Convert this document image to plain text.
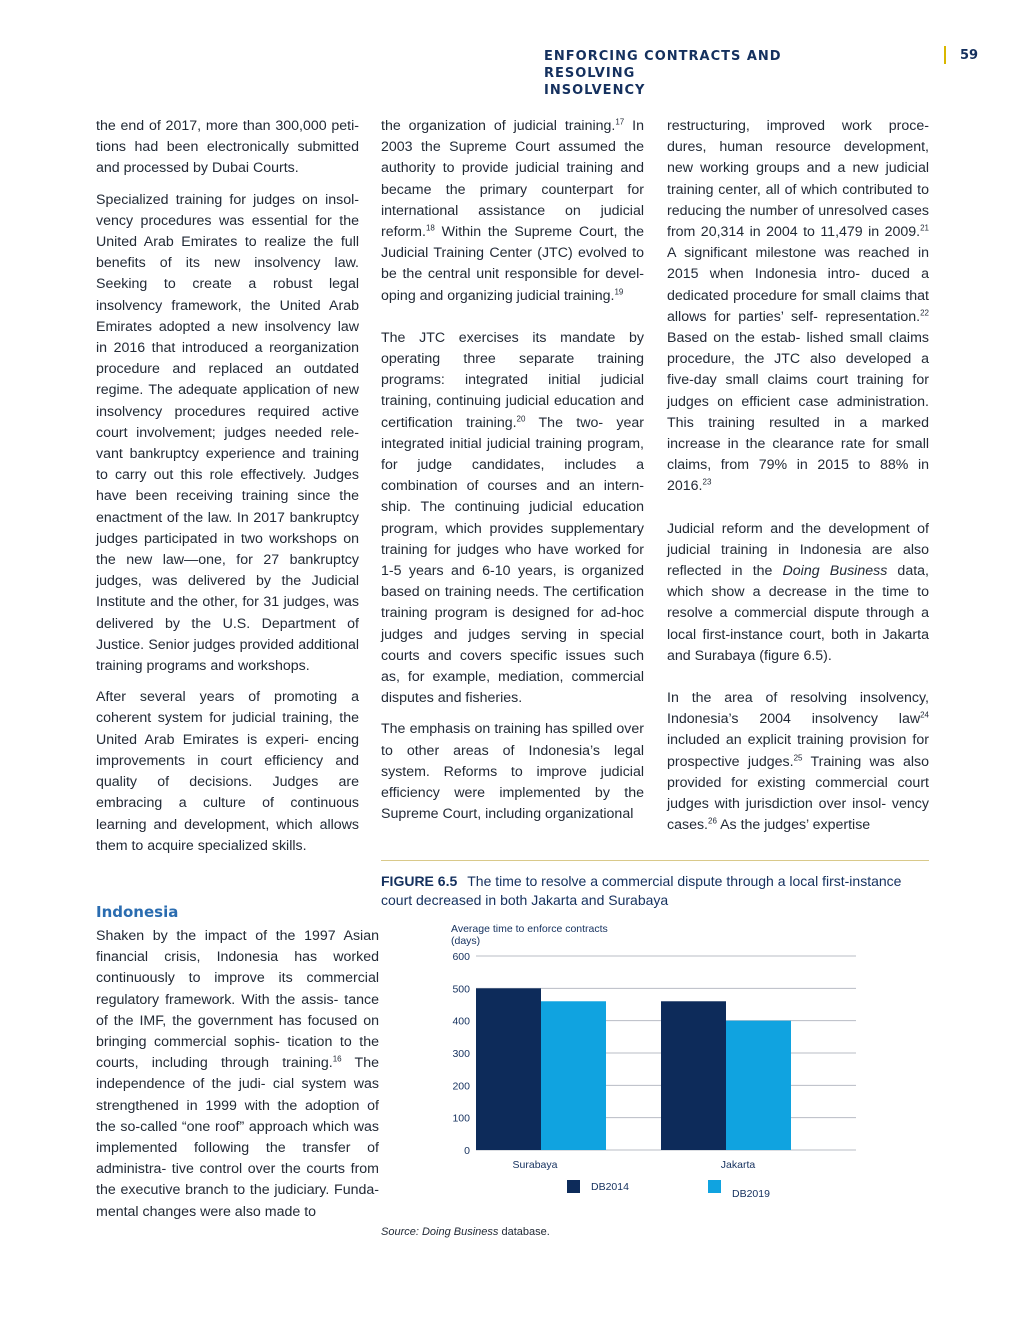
ENFORCING CONTRACTS AND RESOLVING
INSOLVENCY
59

the end of 2017, more than 300,000 peti- tions had been electronically submitted and processed by Dubai Courts.

Specialized training for judges on insol- vency procedures was essential for the United Arab Emirates to realize the full benefits of its new insolvency law. Seeking to create a robust legal insolvency framework, the United Arab Emirates adopted a new insolvency law in 2016 that introduced a reorganization procedure and replaced an outdated regime. The adequate application of new insolvency procedures required active court involvement; judges needed rele- vant bankruptcy experience and training to carry out this role effectively. Judges have been receiving training since the enactment of the law. In 2017 bankruptcy judges participated in two workshops on the new law—one, for 27 bankruptcy judges, was delivered by the Judicial Institute and the other, for 31 judges, was delivered by the U.S. Department of Justice. Senior judges provided additional training programs and workshops.

After several years of promoting a coherent system for judicial training, the United Arab Emirates is experi- encing improvements in court efficiency and quality of decisions. Judges are embracing a culture of continuous learning and development, which allows them to acquire specialized skills.

Indonesia

Shaken by the impact of the 1997 Asian financial crisis, Indonesia has worked continuously to improve its commercial regulatory framework. With the assis- tance of the IMF, the government has focused on bringing commercial sophis- tication to the courts, including through training.$^{16}$ The independence of the judi- cial system was strengthened in 1999 with the adoption of the so-called “one roof” approach which was implemented following the transfer of administra- tive control over the courts from the executive branch to the judiciary. Funda- mental changes were also made to

the organization of judicial training.$^{17}$ In 2003 the Supreme Court assumed the authority to provide judicial training and became the primary counterpart for international assistance on judicial reform.$^{18}$ Within the Supreme Court, the Judicial Training Center (JTC) evolved to be the central unit responsible for devel- oping and organizing judicial training.$^{19}$

The JTC exercises its mandate by operating three separate training programs: integrated initial judicial training, continuing judicial education and certification training.$^{20}$ The two- year integrated initial judicial training program, for judge candidates, includes a combination of courses and an intern- ship. The continuing judicial education program, which provides supplementary training for judges who have worked for 1-5 years and 6-10 years, is organized based on training needs. The certification training program is designed for ad-hoc judges and judges serving in special courts and covers specific issues such as, for example, mediation, commercial disputes and fisheries.

The emphasis on training has spilled over to other areas of Indonesia’s legal system. Reforms to improve judicial efficiency were implemented by the Supreme Court, including organizational

restructuring, improved work proce- dures, human resource development, new working groups and a new judicial training center, all of which contributed to reducing the number of unresolved cases from 20,314 in 2004 to 11,479 in 2009.21 A significant milestone was reached in 2015 when Indonesia intro- duced a dedicated procedure for small claims that allows for parties’ self- representation.$^{22}$ Based on the estab- lished small claims procedure, the JTC also developed a five-day small claims court training for judges on efficient case administration. This training resulted in a marked increase in the clearance rate for small claims, from 79% in 2015 to 88% in 2016.23

Judicial reform and the development of judicial training in Indonesia are also reflected in the Doing Business data, which show a decrease in the time to resolve a commercial dispute through a local first-instance court, both in Jakarta and Surabaya (figure 6.5).

In the area of resolving insolvency, Indonesia’s 2004 insolvency law$^{24}$ included an explicit training provision for prospective judges.$^{25}$ Training was also provided for existing commercial court judges with jurisdiction over insol- vency cases.$^{26}$ As the judges’ expertise

FIGURE 6.5 The time to resolve a commercial dispute through a local first-instance court decreased in both Jakarta and Surabaya
Average time to enforce contracts
(days)
0
100
200
300
400
500
600
Surabaya	Jakarta
DB2014
DB2019
Source: Doing Business database.
